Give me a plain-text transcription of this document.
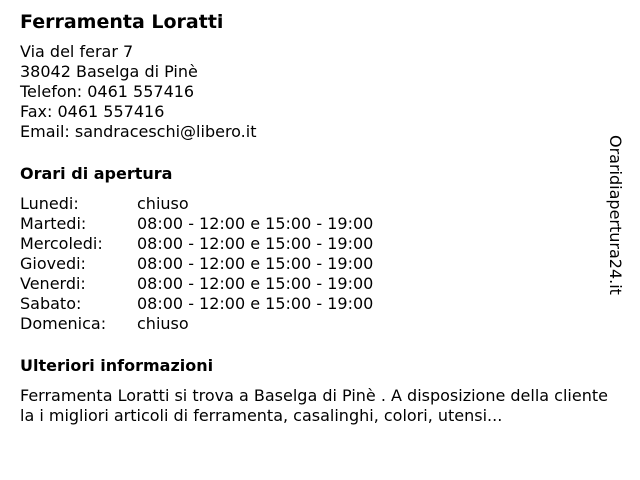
Ferramenta Loratti
Via del ferar 7
38042 Baselga di Pinè
Telefon: 0461 557416
Fax: 0461 557416
Email: sandraceschi@libero.it
Orari di apertura
Lunedi:	chiuso
Martedi:	08:00 - 12:00 e 15:00 - 19:00
Mercoledi: 08:00 - 12:00 e 15:00 - 19:00
Giovedi:	08:00 - 12:00 e 15:00 - 19:00
Venerdi:	08:00 - 12:00 e 15:00 - 19:00
Sabato:	08:00 - 12:00 e 15:00 - 19:00
Domenica: chiuso
Ulteriori informazioni
Ferramenta Loratti si trova a Baselga di Pinè . A disposizione della clientela i migliori articoli di ferramenta, casalinghi, colori, utensi...
Oraridiapertura24.it
